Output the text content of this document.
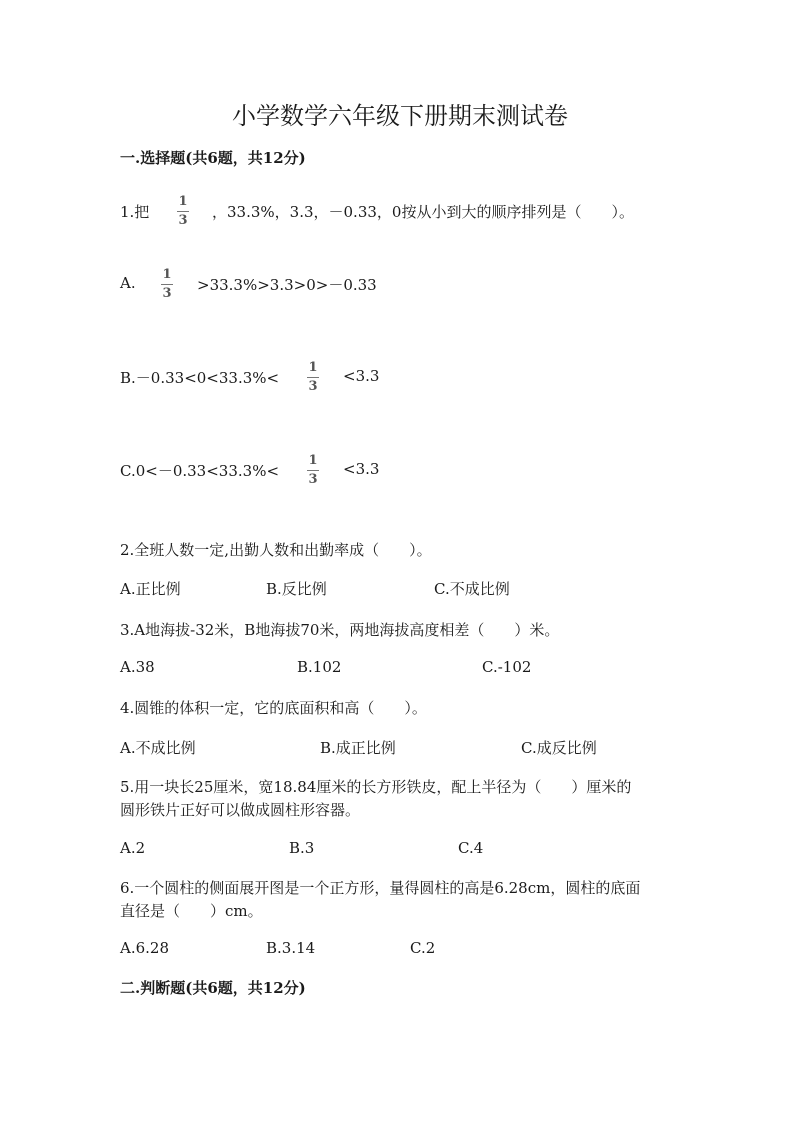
小学数学六年级下册期末测试卷
一.选择题(共6题，共12分)
1.把
1
3 ，33.3%，3.3，－0.33，0按从小到大的顺序排列是（　　）。
A. 1
3 >33.3%>3.3>0>－0.33
B.－0.33<0<33.3%<
1
3
<3.3
C.0<－0.33<33.3%<
1
3
<3.3
2.全班人数一定,出勤人数和出勤率成（　　）。
A.正比例	B.反比例	C.不成比例
3.A地海拔-32米，B地海拔70米，两地海拔高度相差（　　）米。
A.38	B.102	C.-102
4.圆锥的体积一定，它的底面积和高（　　）。
A.不成比例	B.成正比例	C.成反比例
5.用一块长25厘米，宽18.84厘米的长方形铁皮，配上半径为（　　）厘米的
圆形铁片正好可以做成圆柱形容器。
A.2	B.3	C.4
6.一个圆柱的侧面展开图是一个正方形，量得圆柱的高是6.28cm，圆柱的底面
直径是（　　）cm。
A.6.28	B.3.14	C.2
二.判断题(共6题，共12分)
